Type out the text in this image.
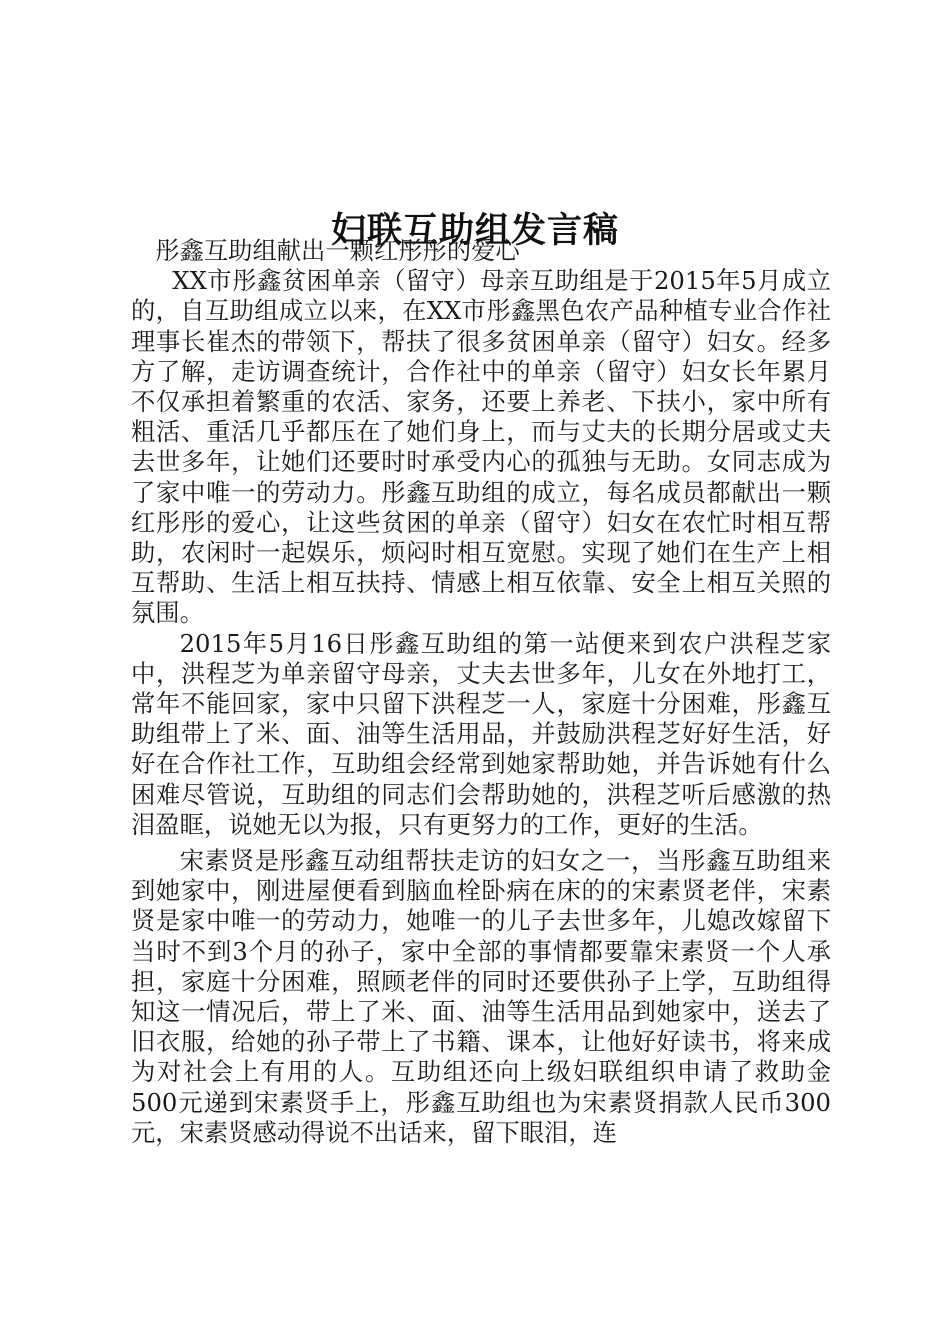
妇联互助组发言稿

彤鑫互助组献出一颗红彤彤的爱心

XX市彤鑫贫困单亲（留守）母亲互助组是于2015年5月成立的，自互助组成立以来，在XX市彤鑫黑色农产品种植专业合作社理事长崔杰的带领下，帮扶了很多贫困单亲（留守）妇女。经多方了解，走访调查统计，合作社中的单亲（留守）妇女长年累月不仅承担着繁重的农活、家务，还要上养老、下扶小，家中所有粗活、重活几乎都压在了她们身上，而与丈夫的长期分居或丈夫去世多年，让她们还要时时承受内心的孤独与无助。女同志成为了家中唯一的劳动力。彤鑫互助组的成立，每名成员都献出一颗红彤彤的爱心，让这些贫困的单亲（留守）妇女在农忙时相互帮助，农闲时一起娱乐，烦闷时相互宽慰。实现了她们在生产上相互帮助、生活上相互扶持、情感上相互依靠、安全上相互关照的氛围。

2015年5月16日彤鑫互助组的第一站便来到农户洪程芝家中，洪程芝为单亲留守母亲，丈夫去世多年，儿女在外地打工，常年不能回家，家中只留下洪程芝一人，家庭十分困难，彤鑫互助组带上了米、面、油等生活用品，并鼓励洪程芝好好生活，好好在合作社工作，互助组会经常到她家帮助她，并告诉她有什么困难尽管说，互助组的同志们会帮助她的，洪程芝听后感激的热泪盈眶，说她无以为报，只有更努力的工作，更好的生活。

宋素贤是彤鑫互动组帮扶走访的妇女之一，当彤鑫互助组来到她家中，刚进屋便看到脑血栓卧病在床的的宋素贤老伴，宋素贤是家中唯一的劳动力，她唯一的儿子去世多年，儿媳改嫁留下当时不到3个月的孙子，家中全部的事情都要靠宋素贤一个人承担，家庭十分困难，照顾老伴的同时还要供孙子上学，互助组得知这一情况后，带上了米、面、油等生活用品到她家中，送去了旧衣服，给她的孙子带上了书籍、课本，让他好好读书，将来成为对社会上有用的人。互助组还向上级妇联组织申请了救助金500元递到宋素贤手上，彤鑫互助组也为宋素贤捐款人民币300元，宋素贤感动得说不出话来，留下眼泪，连
